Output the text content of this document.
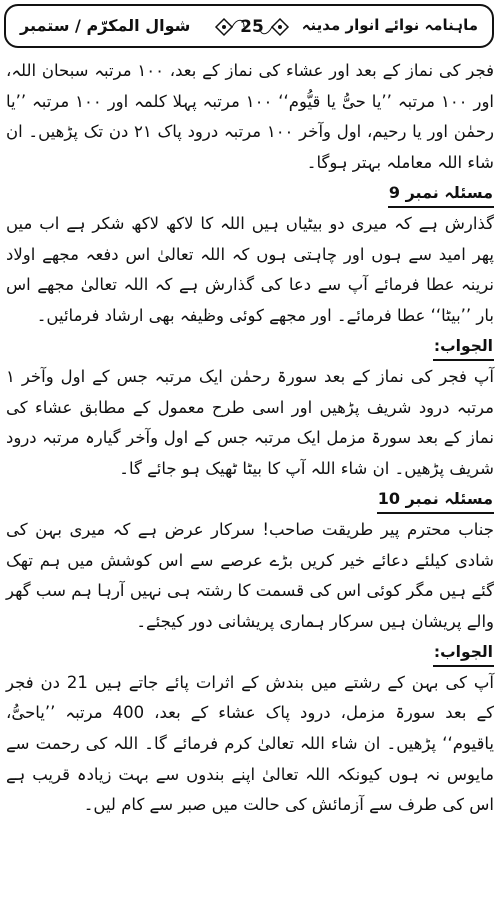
شوال المکرّم / ستمبر	25	ماہنامہ نوائے انوار مدینہ

فجر کی نماز کے بعد اور عشاء کی نماز کے بعد، ۱۰۰ مرتبہ سبحان اللہ، اور ۱۰۰ مرتبہ ’’یا حیُّ یا قیُّوم‘‘ ۱۰۰ مرتبہ پہلا کلمہ اور ۱۰۰ مرتبہ ’’یا رحمٰن اور یا رحیم، اول وآخر ۱۰۰ مرتبہ درود پاک ۲۱ دن تک پڑھیں۔ ان شاء اللہ معاملہ بہتر ہوگا۔

مسئلہ نمبر 9

گذارش ہے کہ میری دو بیٹیاں ہیں اللہ کا لاکھ لاکھ شکر ہے اب میں پھر امید سے ہوں اور چاہتی ہوں کہ اللہ تعالیٰ اس دفعہ مجھے اولاد نرینہ عطا فرمائے آپ سے دعا کی گذارش ہے کہ اللہ تعالیٰ مجھے اس بار ’’بیٹا‘‘ عطا فرمائے۔ اور مجھے کوئی وظیفہ بھی ارشاد فرمائیں۔

الجواب:

آپ فجر کی نماز کے بعد سورۃ رحمٰن ایک مرتبہ جس کے اول وآخر ۱ مرتبہ درود شریف پڑھیں اور اسی طرح معمول کے مطابق عشاء کی نماز کے بعد سورۃ مزمل ایک مرتبہ جس کے اول وآخر گیارہ مرتبہ درود شریف پڑھیں۔ ان شاء اللہ آپ کا بیٹا ٹھیک ہو جائے گا۔

مسئلہ نمبر 10

جناب محترم پیر طریقت صاحب! سرکار عرض ہے کہ میری بہن کی شادی کیلئے دعائے خیر کریں بڑے عرصے سے اس کوشش میں ہم تھک گئے ہیں مگر کوئی اس کی قسمت کا رشتہ ہی نہیں آرہا ہم سب گھر والے پریشان ہیں سرکار ہماری پریشانی دور کیجئے۔

الجواب:

آپ کی بہن کے رشتے میں بندش کے اثرات پائے جاتے ہیں 21 دن فجر کے بعد سورۃ مزمل، درود پاک عشاء کے بعد، 400 مرتبہ ’’یاحیُّ، یاقیوم‘‘ پڑھیں۔ ان شاء اللہ تعالیٰ کرم فرمائے گا۔ اللہ کی رحمت سے مایوس نہ ہوں کیونکہ اللہ تعالیٰ اپنے بندوں سے بہت زیادہ قریب ہے اس کی طرف سے آزمائش کی حالت میں صبر سے کام لیں۔
